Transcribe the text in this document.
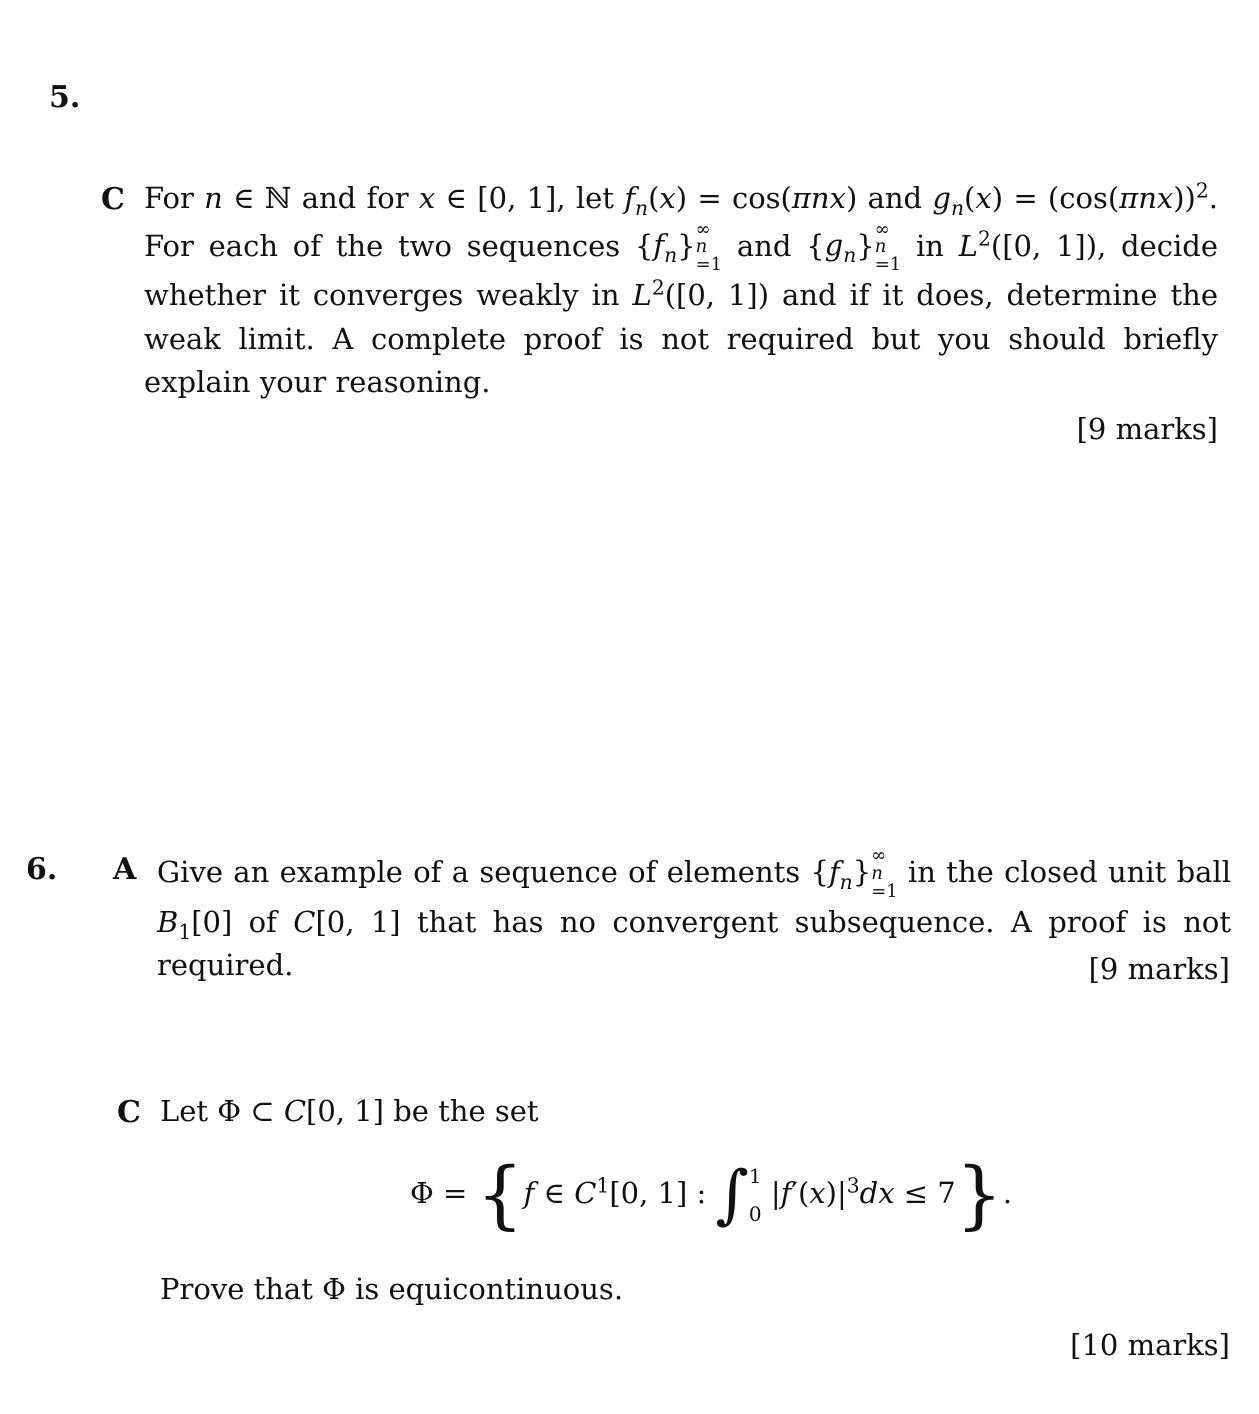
5.
C For n ∈ ℕ and for x ∈ [0, 1], let $f_n(x) = \cos(\pi nx)$ and $g_n(x) = (\cos(\pi nx))^2$. For each of the two sequences $\{f_n\}$ ∞
n
=1 and $\{g_n\}$ ∞
n
=1 in $L^2([0$, 1]), decide whether it converges weakly in $L^2([0$, 1]) and if it does, determine the weak limit. A complete proof is not required but you should briefly explain your reasoning.
[9 marks]
6. A Give an example of a sequence of elements $\{f_n\}$ ∞
n
=1 in the closed unit ball $B_1[0]$ of C[0, 1] that has no convergent subsequence. A proof is not required.	[9 marks]
C Let Φ ⊂ C[0, 1] be the set
Φ = {f ∈ $C^1[0$, 1] : ∫ 1
0
$|f'(x)|^3dx \le 7$}.
Prove that Φ is equicontinuous.
[10 marks]
